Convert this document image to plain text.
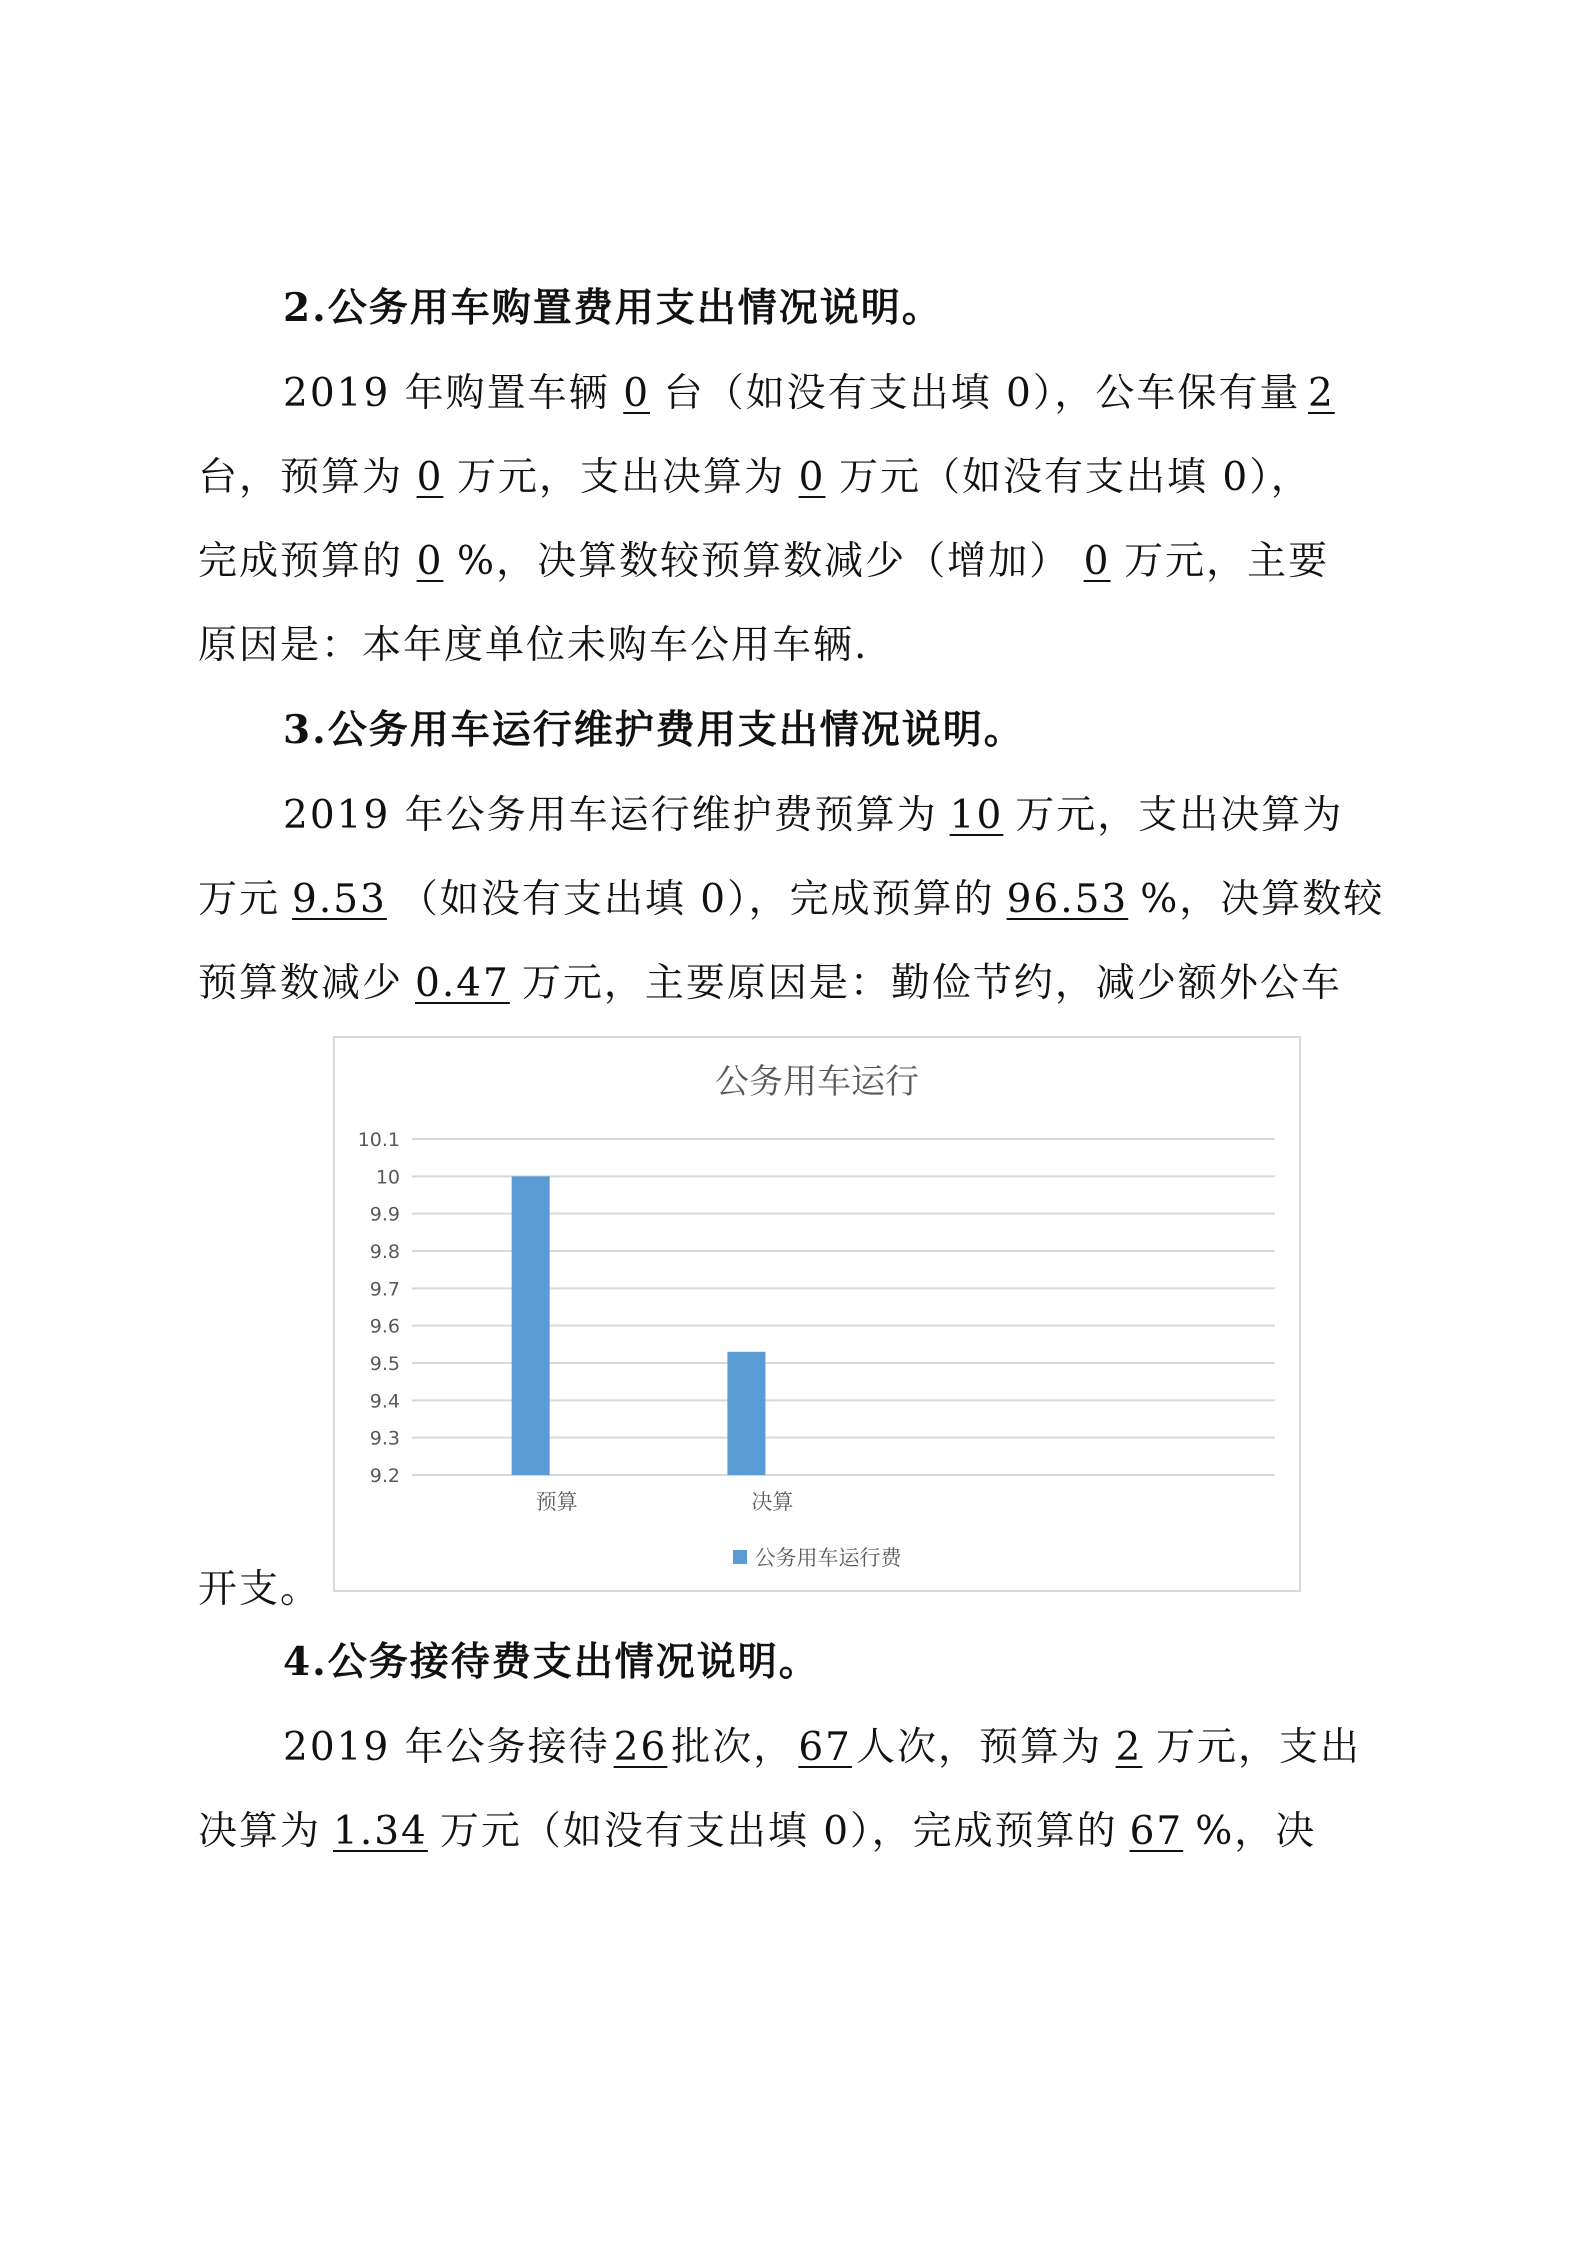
2.公务用车购置费用支出情况说明。
2019 年购置车辆 0 台（如没有支出填 0），公车保有量 2
台，预算为 0 万元，支出决算为 0 万元（如没有支出填 0），
完成预算的 0 %，决算数较预算数减少（增加） 0 万元，主要
原因是：本年度单位未购车公用车辆.
3.公务用车运行维护费用支出情况说明。
2019 年公务用车运行维护费预算为 10 万元，支出决算为
万元 9.53 （如没有支出填 0），完成预算的 96.53 %，决算数较
预算数减少 0.47 万元，主要原因是：勤俭节约，减少额外公车
公务用车运行
9.2
9.3
9.4
9.5
9.6
9.7
9.8
9.9
10
10.1
预算	决算
公务用车运行费
开支。
4.公务接待费支出情况说明。
2019 年公务接待 26 批次， 67 人次，预算为 2 万元，支出
决算为 1.34 万元（如没有支出填 0），完成预算的 67 %，决
